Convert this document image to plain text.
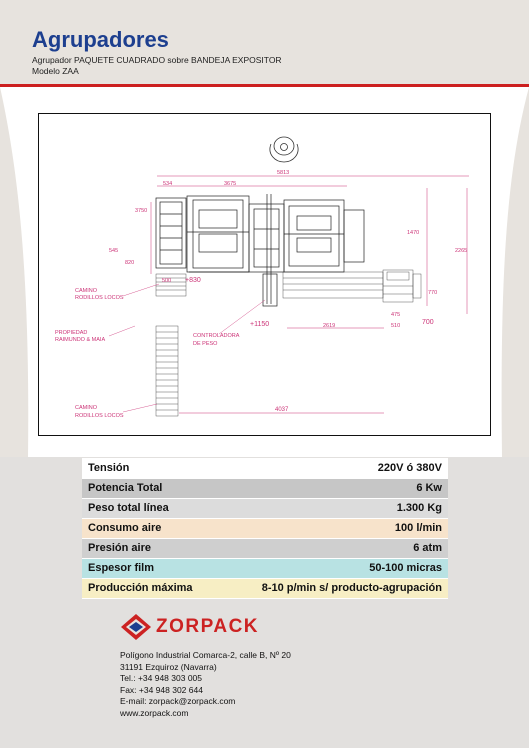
Agrupadores
Agrupador PAQUETE CUADRADO sobre BANDEJA EXPOSITOR
Modelo ZAA
5813
534	3675
3750
545
820
1470
2265
770
500 +830
+1150	2619
475
510	700
4037
CAMINO
RODILLOS LOCOS
PROPIEDAD
RAIMUNDO & MAIA
CONTROLADORA
DE PESO
CAMINO
RODILLOS LOCOS
Tensión	220V ó 380V
Potencia Total	6 Kw
Peso total línea	1.300 Kg
Consumo aire	100 l/min
Presión aire	6 atm
Espesor film	50-100 micras
Producción máxima	8-10 p/min s/ producto-agrupación
ZORPACK
Polígono Industrial Comarca-2, calle B, Nº 20
31191 Ezquiroz (Navarra)
Tel.: +34 948 303 005
Fax: +34 948 302 644
E-mail: zorpack@zorpack.com
www.zorpack.com
